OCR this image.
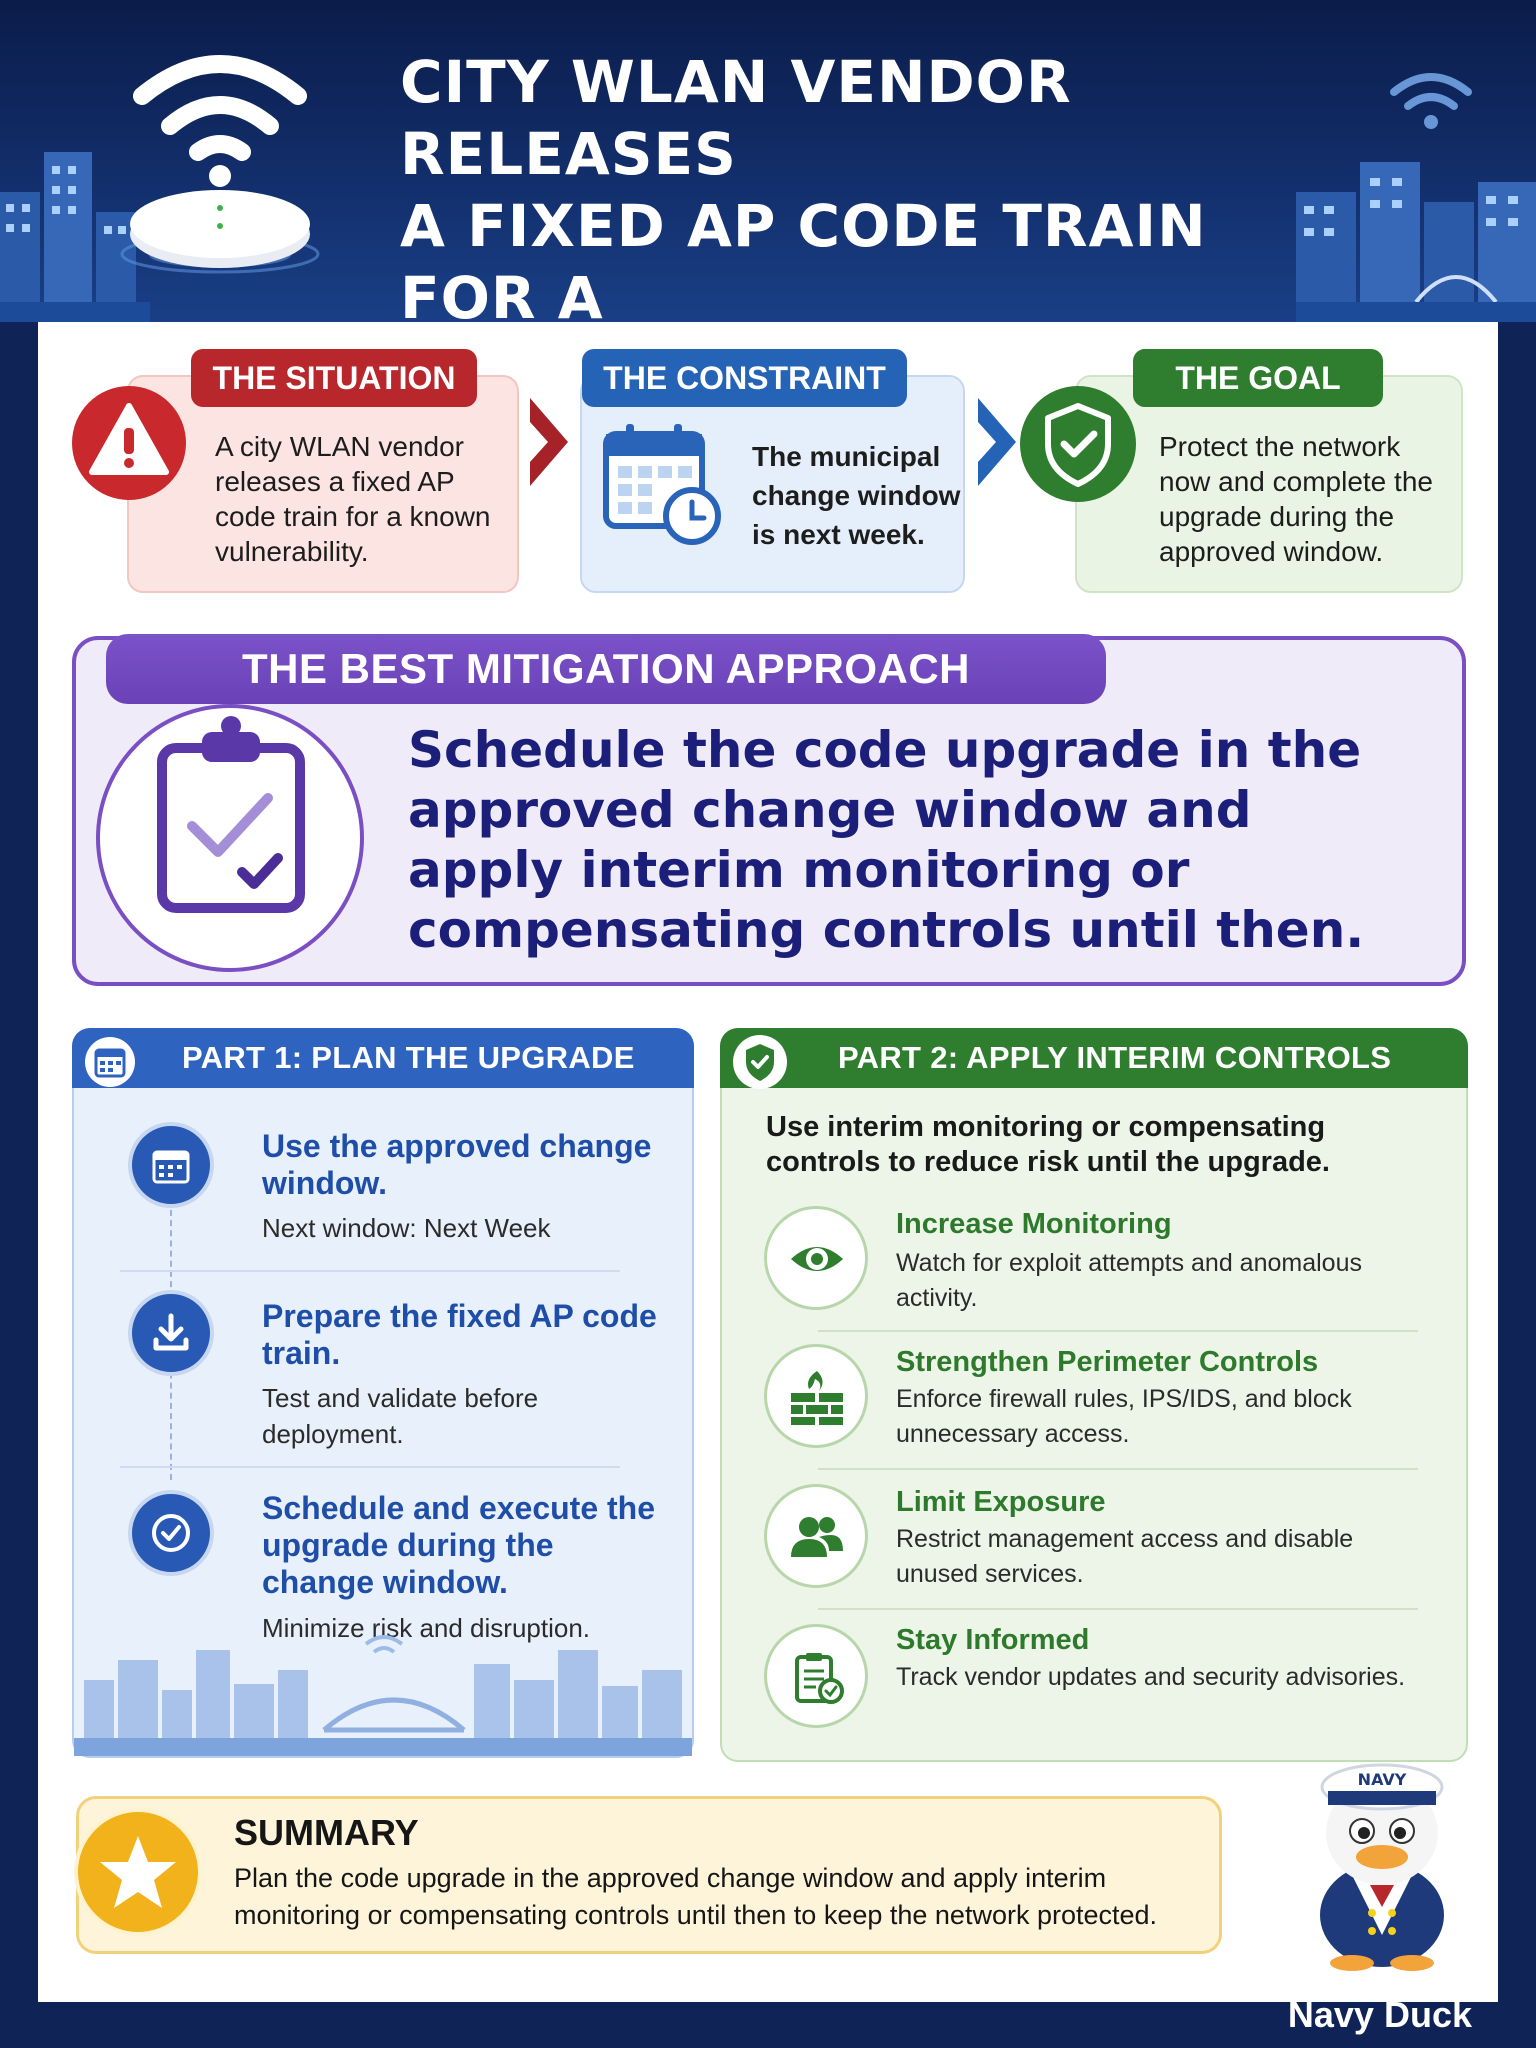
CITY WLAN VENDOR RELEASES
A FIXED AP CODE TRAIN FOR A
THE SITUATION
A city WLAN vendor releases a fixed AP code train for a known vulnerability.
THE CONSTRAINT
The municipal change window is next week.
THE GOAL
Protect the network now and complete the upgrade during the approved window.
THE BEST MITIGATION APPROACH
Schedule the code upgrade in the approved change window and apply interim monitoring or compensating controls until then.
PART 1: PLAN THE UPGRADE
Use the approved change window.
Next window: Next Week
Prepare the fixed AP code train.
Test and validate before deployment.
Schedule and execute the upgrade during the change window.
Minimize risk and disruption.
PART 2: APPLY INTERIM CONTROLS
Use interim monitoring or compensating controls to reduce risk until the upgrade.
Increase Monitoring
Watch for exploit attempts and anomalous activity.
Strengthen Perimeter Controls
Enforce firewall rules, IPS/IDS, and block unnecessary access.
Limit Exposure
Restrict management access and disable unused services.
Stay Informed
Track vendor updates and security advisories.
SUMMARY
Plan the code upgrade in the approved change window and apply interim monitoring or compensating controls until then to keep the network protected.
NAVY
Navy Duck
